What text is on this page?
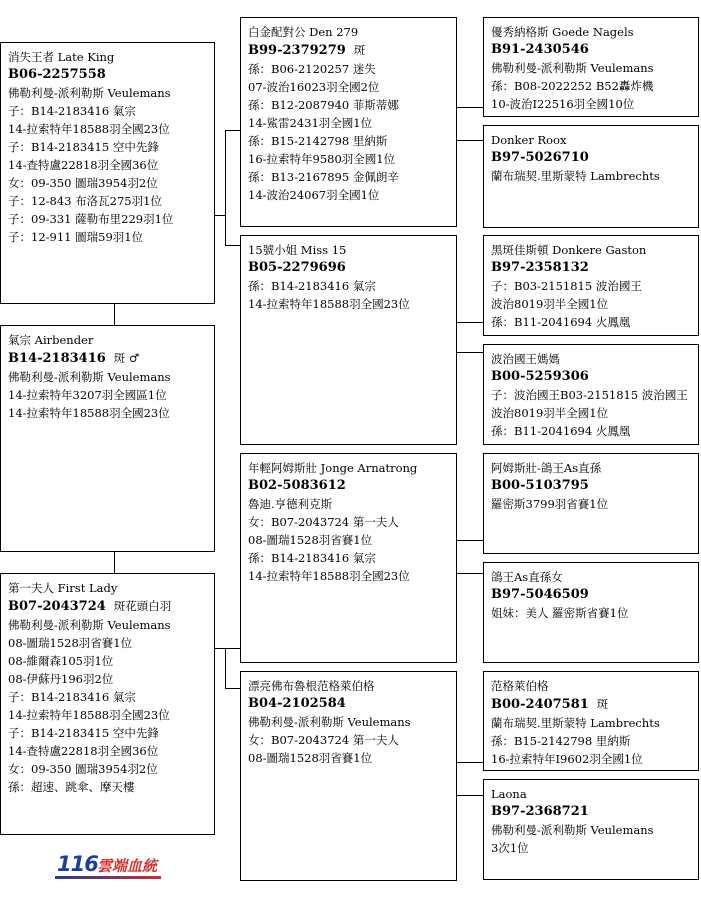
消失王者 Late King
B06-2257558
佛勒利曼-派利勒斯 Veulemans
子：B14-2183416 氣宗
14-拉索特年18588羽全國23位
子：B14-2183415 空中先鋒
14-查特盧22818羽全國36位
女：09-350 圖瑞3954羽2位
子：12-843 布洛瓦275羽1位
子：09-331 薩勒布里229羽1位
子：12-911 圖瑞59羽1位
氣宗 Airbender
B14-2183416 斑 ♂
佛勒利曼-派利勒斯 Veulemans
14-拉索特年3207羽全國區1位
14-拉索特年18588羽全國23位
第一夫人 First Lady
B07-2043724 斑花頭白羽
佛勒利曼-派利勒斯 Veulemans
08-圖瑞1528羽省賽1位
08-維爾森105羽1位
08-伊蘇丹196羽2位
子：B14-2183416 氣宗
14-拉索特年18588羽全國23位
子：B14-2183415 空中先鋒
14-查特盧22818羽全國36位
女：09-350 圖瑞3954羽2位
孫：超速、跳傘、摩天樓
白金配對公 Den 279
B99-2379279 斑
孫：B06-2120257 迷失
07-波治16023羽全國2位
孫：B12-2087940 菲斯蒂娜
14-鯊雷2431羽全國1位
孫：B15-2142798 里納斯
16-拉索特年9580羽全國1位
孫：B13-2167895 金佩朗辛
14-波治24067羽全國1位
15號小姐 Miss 15
B05-2279696
孫：B14-2183416 氣宗
14-拉索特年18588羽全國23位
年輕阿姆斯壯 Jonge Arnatrong
B02-5083612
魯迪.亨德利克斯
女：B07-2043724 第一夫人
08-圖瑞1528羽省賽1位
孫：B14-2183416 氣宗
14-拉索特年18588羽全國23位
漂亮佛布魯根范格萊伯格
B04-2102584
佛勒利曼-派利勒斯 Veulemans
女：B07-2043724 第一夫人
08-圖瑞1528羽省賽1位
優秀納格斯 Goede Nagels
B91-2430546
佛勒利曼-派利勒斯 Veulemans
孫：B08-2022252 B52轟炸機
10-波治Ⅰ22516羽全國10位
Donker Roox
B97-5026710
蘭布瑞契.里斯蒙特 Lambrechts
黑斑佳斯頓 Donkere Gaston
B97-2358132
子：B03-2151815 波治國王
波治8019羽半全國1位
孫：B11-2041694 火鳳凰
波治國王媽媽
B00-5259306
子：波治國王B03-2151815 波治國王
波治8019羽半全國1位
孫：B11-2041694 火鳳凰
阿姆斯壯-鴿王As直孫
B00-5103795
羅密斯3799羽省賽1位
鴿王As直孫女
B97-5046509
姐妹：美人 羅密斯省賽1位
范格萊伯格
B00-2407581 斑
蘭布瑞契.里斯蒙特 Lambrechts
孫：B15-2142798 里納斯
16-拉索特年Ⅰ9602羽全國1位
Laona
B97-2368721
佛勒利曼-派利勒斯 Veulemans
3次1位
116 雲端血統
